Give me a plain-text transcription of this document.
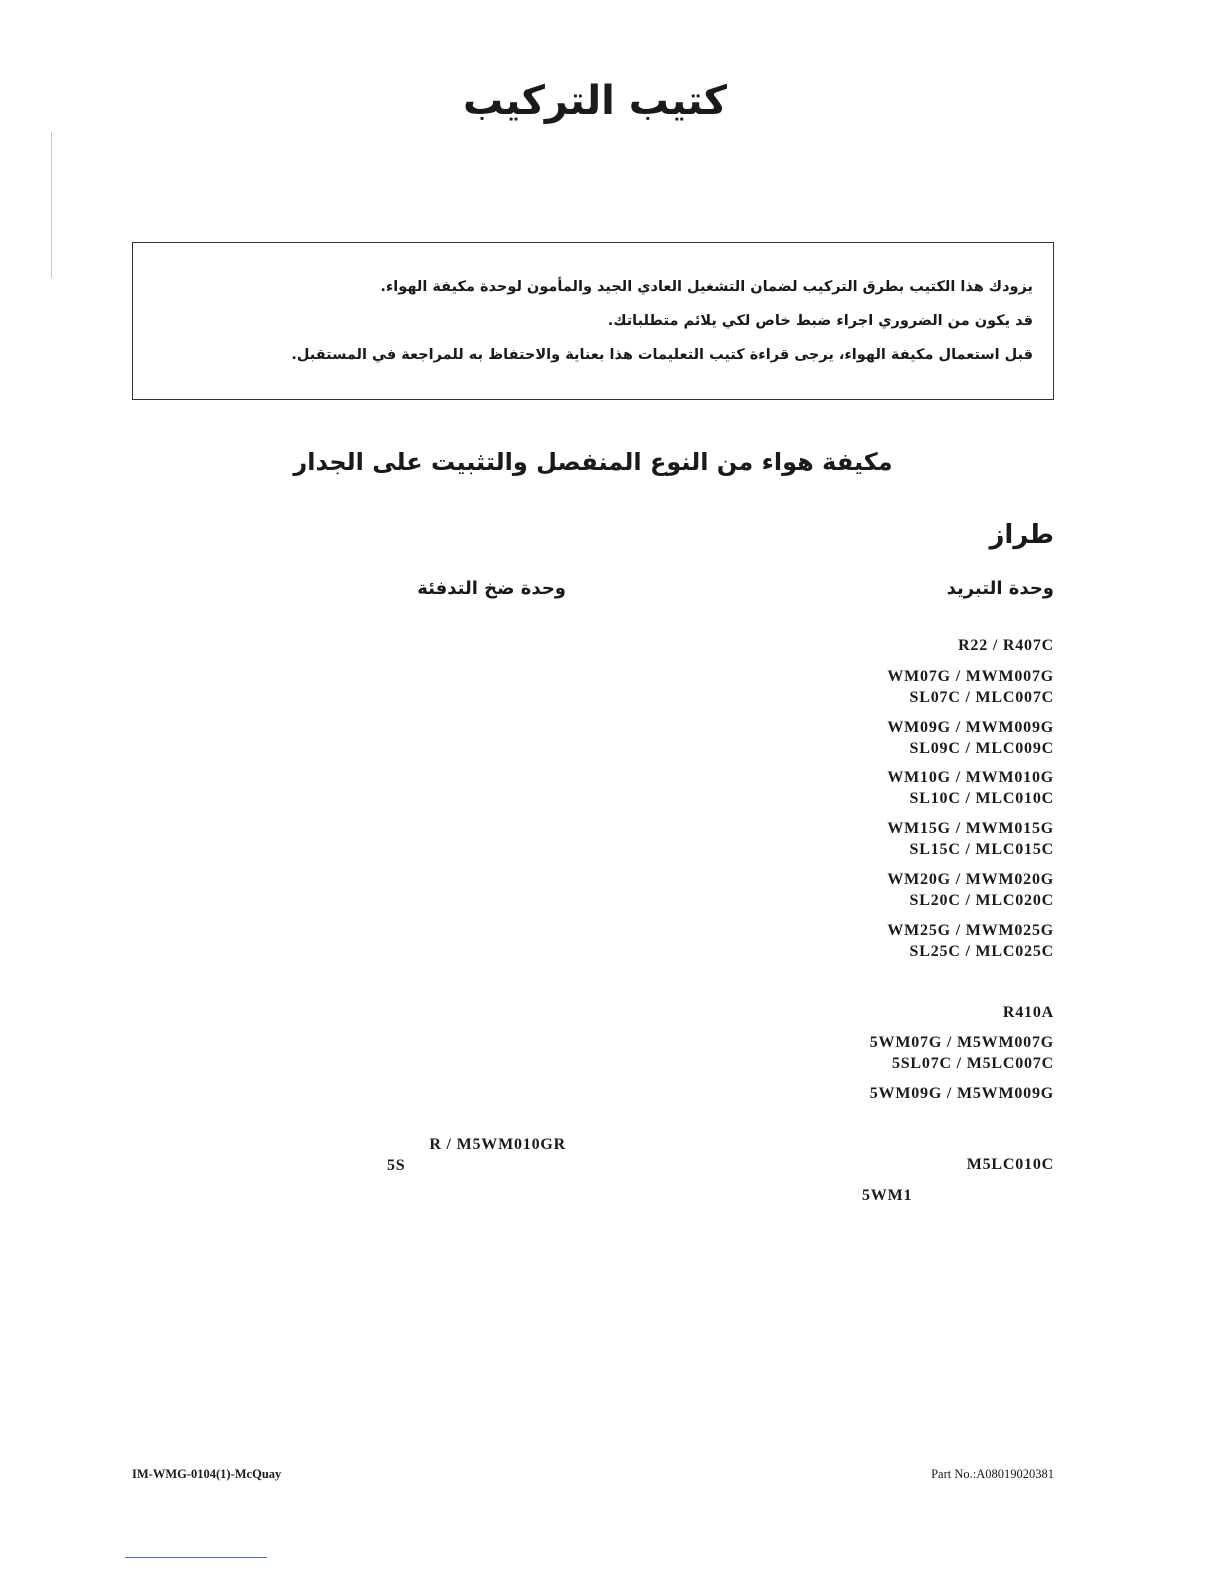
كتيب التركيب

يزودك هذا الكتيب بطرق التركيب لضمان التشغيل العادي الجيد والمأمون لوحدة مكيفة الهواء.

قد يكون من الضروري اجراء ضبط خاص لكي يلائم متطلباتك.

قبل استعمال مكيفة الهواء، يرجى قراءة كتيب التعليمات هذا بعناية والاحتفاظ به للمراجعة في المستقبل.

مكيفة هواء من النوع المنفصل والتثبيت على الجدار
طراز
وحدة التبريد
وحدة ضخ التدفئة
R22 / R407C
WM07G / MWM007G
SL07C / MLC007C
WM09G / MWM009G
SL09C / MLC009C
WM10G / MWM010G
SL10C / MLC010C
WM15G / MWM015G
SL15C / MLC015C
WM20G / MWM020G
SL20C / MLC020C
WM25G / MWM025G
SL25C / MLC025C
R410A
5WM07G / M5WM007G
5SL07C / M5LC007C
5WM09G / M5WM009G
M5LC010C
5WM1
R / M5WM010GR
5S
IM-WMG-0104(1)-McQuay	Part No.:A08019020381
